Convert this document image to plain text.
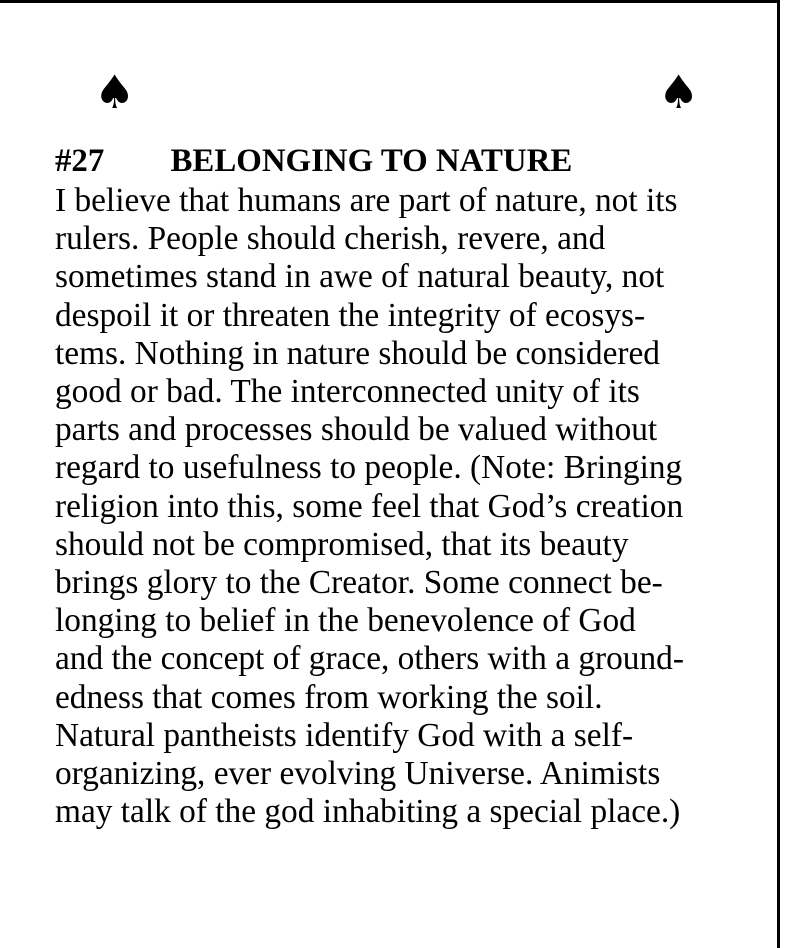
♠	♠

#27 BELONGING TO NATURE

I believe that humans are part of nature, not its

rulers. People should cherish, revere, and

sometimes stand in awe of natural beauty, not

despoil it or threaten the integrity of ecosys-

tems. Nothing in nature should be considered

good or bad. The interconnected unity of its

parts and processes should be valued without

regard to usefulness to people. (Note: Bringing

religion into this, some feel that God’s creation

should not be compromised, that its beauty

brings glory to the Creator. Some connect be-

longing to belief in the benevolence of God

and the concept of grace, others with a ground-

edness that comes from working the soil.

Natural pantheists identify God with a self-

organizing, ever evolving Universe. Animists

may talk of the god inhabiting a special place.)
